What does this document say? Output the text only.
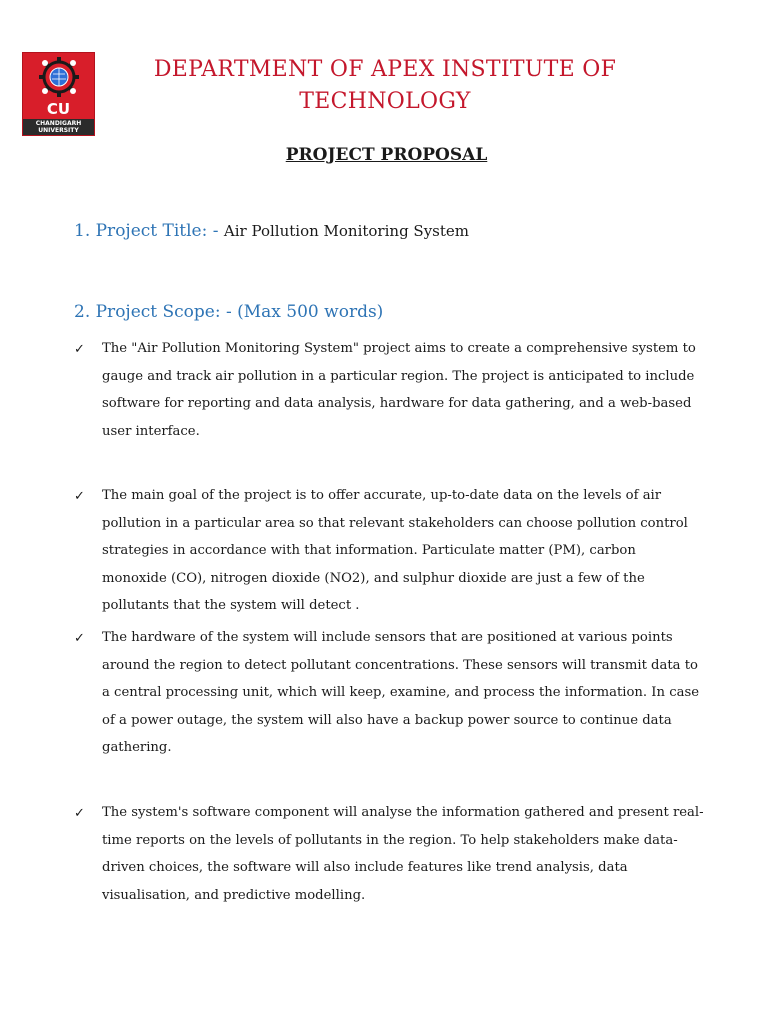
CU
CHANDIGARH
UNIVERSITY
DEPARTMENT OF APEX INSTITUTE OF
TECHNOLOGY
PROJECT PROPOSAL
1. Project Title: - Air Pollution Monitoring System
2. Project Scope: - (Max 500 words)
✓ The "Air Pollution Monitoring System" project aims to create a comprehensive system to gauge and track air pollution in a particular region. The project is anticipated to include software for reporting and data analysis, hardware for data gathering, and a web-based user interface.
✓ The main goal of the project is to offer accurate, up-to-date data on the levels of air pollution in a particular area so that relevant stakeholders can choose pollution control strategies in accordance with that information. Particulate matter (PM), carbon monoxide (CO), nitrogen dioxide (NO2), and sulphur dioxide are just a few of the pollutants that the system will detect .
✓ The hardware of the system will include sensors that are positioned at various points around the region to detect pollutant concentrations. These sensors will transmit data to a central processing unit, which will keep, examine, and process the information. In case of a power outage, the system will also have a backup power source to continue data gathering.
✓ The system's software component will analyse the information gathered and present real-time reports on the levels of pollutants in the region. To help stakeholders make data-driven choices, the software will also include features like trend analysis, data visualisation, and predictive modelling.
